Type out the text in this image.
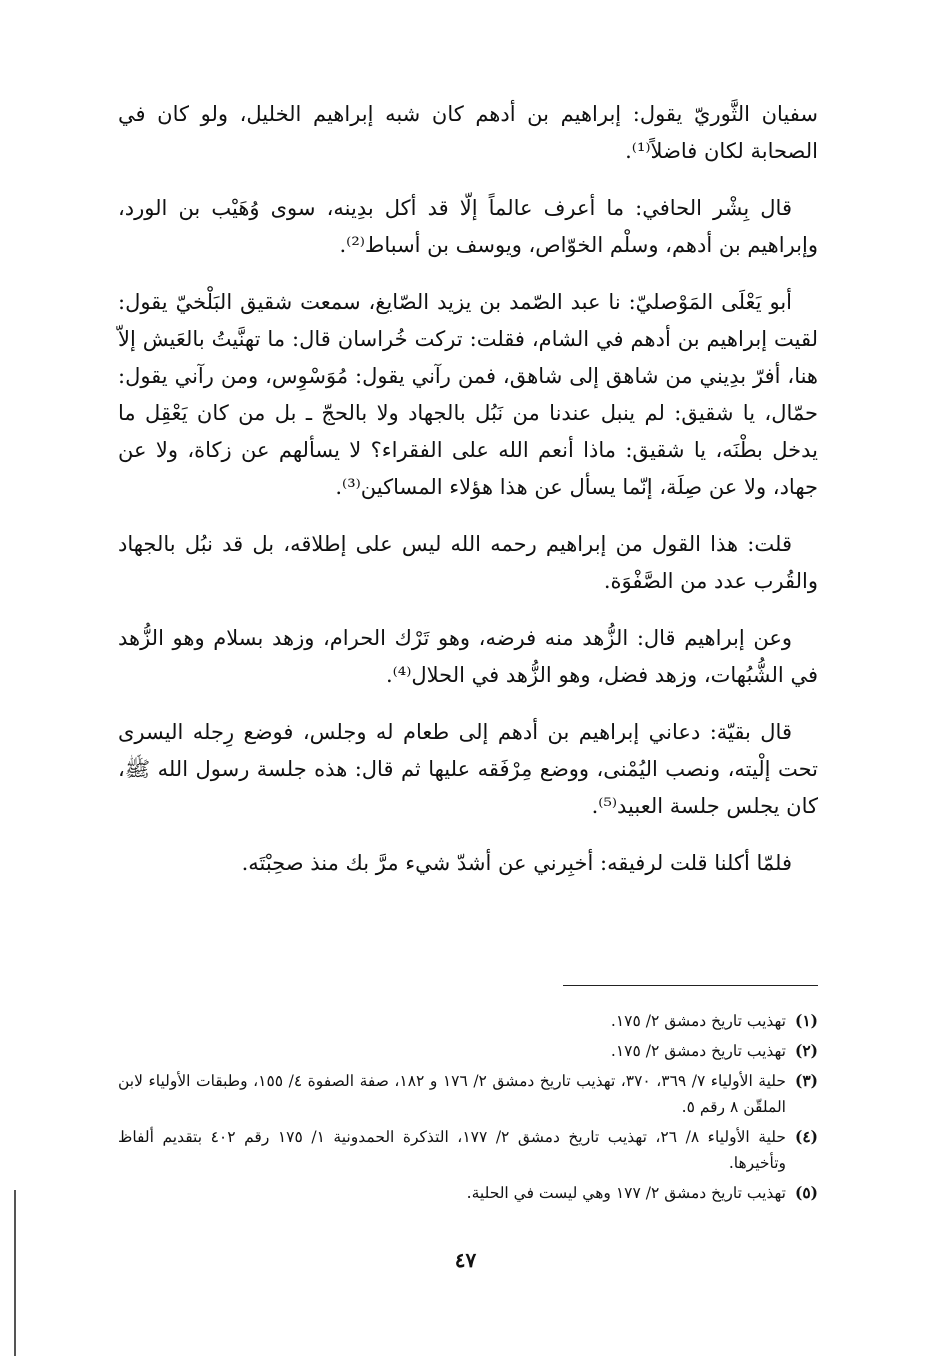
سفيان الثَّوريّ يقول: إبراهيم بن أدهم كان شبه إبراهيم الخليل، ولو كان في الصحابة لكان فاضلاً⁽¹⁾.

قال بِشْر الحافي: ما أعرف عالماً إلّا قد أكل بدِينه، سوى وُهَيْب بن الورد، وإبراهيم بن أدهم، وسلْم الخوّاص، ويوسف بن أسباط⁽²⁾.

أبو يَعْلَى المَوْصليّ: نا عبد الصّمد بن يزيد الصّايغ، سمعت شقيق البَلْخيّ يقول: لقيت إبراهيم بن أدهم في الشام، فقلت: تركت خُراسان قال: ما تهنَّيتُ بالعَيش إلاّ هنا، أفرّ بدِيني من شاهق إلى شاهق، فمن رآني يقول: مُوَسْوِس، ومن رآني يقول: حمّال، يا شقيق: لم ينبل عندنا من نَبُل بالجهاد ولا بالحجّ ـ بل من كان يَعْقِل ما يدخل بطْنَه، يا شقيق: ماذا أنعم الله على الفقراء؟ لا يسألهم عن زكاة، ولا عن جهاد، ولا عن صِلَة، إنّما يسأل عن هذا هؤلاء المساكين⁽³⁾.

قلت: هذا القول من إبراهيم رحمه الله ليس على إطلاقه، بل قد نبُل بالجهاد والقُرب عدد من الصَّفْوَة.

وعن إبراهيم قال: الزُّهد منه فرضه، وهو تَرْك الحرام، وزهد بسلام وهو الزُّهد في الشُّبُهات، وزهد فضل، وهو الزُّهد في الحلال⁽⁴⁾.

قال بقيّة: دعاني إبراهيم بن أدهم إلى طعام له وجلس، فوضع رِجله اليسرى تحت إلْيته، ونصب اليُمْنى، ووضع مِرْفَقه عليها ثم قال: هذه جلسة رسول الله ﷺ، كان يجلس جلسة العبيد⁽⁵⁾.

فلمّا أكلنا قلت لرفيقه: أخبِرني عن أشدّ شيء مرَّ بك منذ صحِبْتَه.

(١)
تهذيب تاريخ دمشق ٢/ ١٧٥.
(٢)
تهذيب تاريخ دمشق ٢/ ١٧٥.
(٣)
حلية الأولياء ٧/ ٣٦٩، ٣٧٠، تهذيب تاريخ دمشق ٢/ ١٧٦ و ١٨٢، صفة الصفوة ٤/ ١٥٥، وطبقات الأولياء لابن الملقّن ٨ رقم ٥.
(٤)
حلية الأولياء ٨/ ٢٦، تهذيب تاريخ دمشق ٢/ ١٧٧، التذكرة الحمدونية ١/ ١٧٥ رقم ٤٠٢ بتقديم ألفاظ وتأخيرها.
(٥)
تهذيب تاريخ دمشق ٢/ ١٧٧ وهي ليست في الحلية.
٤٧
